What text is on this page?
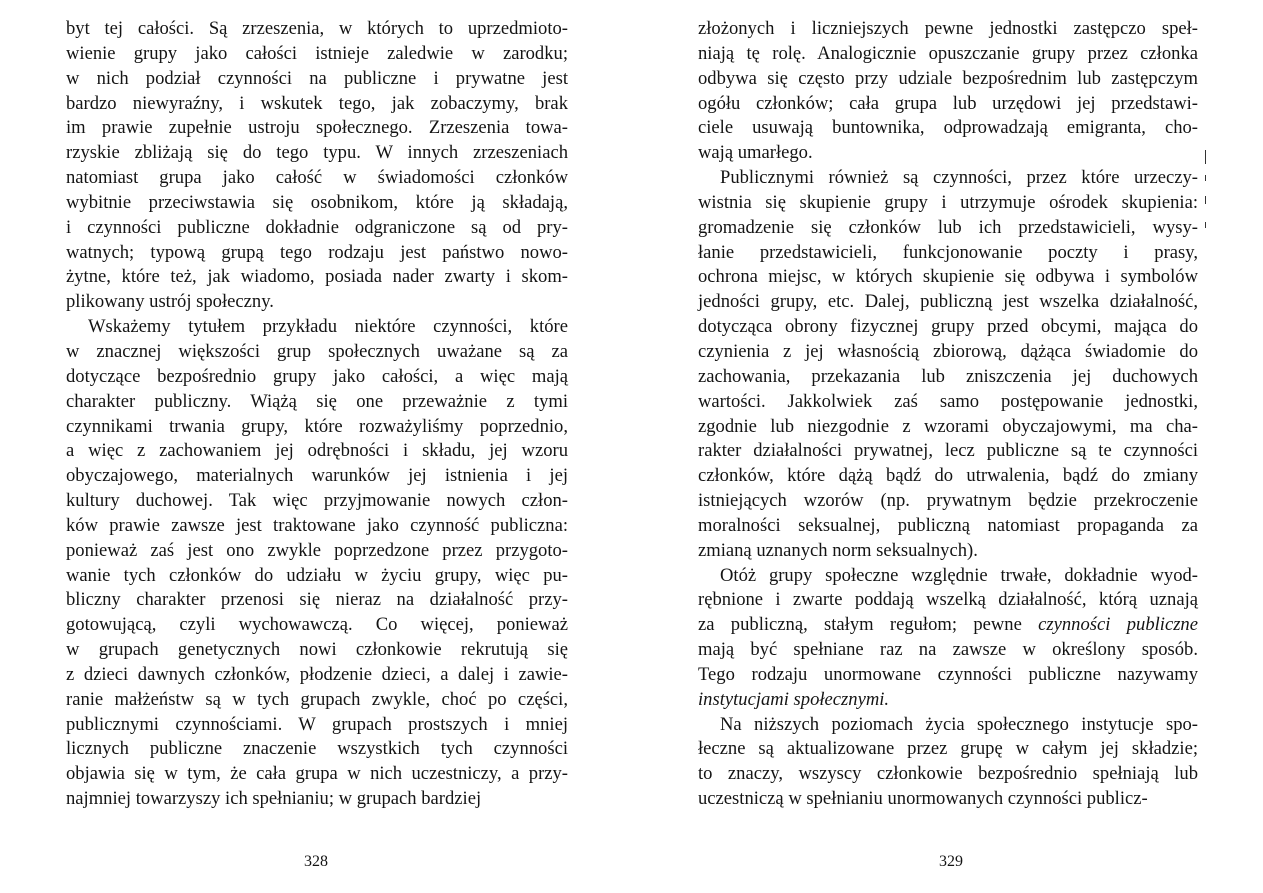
byt tej całości. Są zrzeszenia, w których to uprzedmioto-
wienie grupy jako całości istnieje zaledwie w zarodku;
w nich podział czynności na publiczne i prywatne jest
bardzo niewyraźny, i wskutek tego, jak zobaczymy, brak
im prawie zupełnie ustroju społecznego. Zrzeszenia towa-
rzyskie zbliżają się do tego typu. W innych zrzeszeniach
natomiast grupa jako całość w świadomości członków
wybitnie przeciwstawia się osobnikom, które ją składają,
i czynności publiczne dokładnie odgraniczone są od pry-
watnych; typową grupą tego rodzaju jest państwo nowo-
żytne, które też, jak wiadomo, posiada nader zwarty i skom-
plikowany ustrój społeczny.
Wskażemy tytułem przykładu niektóre czynności, które
w znacznej większości grup społecznych uważane są za
dotyczące bezpośrednio grupy jako całości, a więc mają
charakter publiczny. Wiążą się one przeważnie z tymi
czynnikami trwania grupy, które rozważyliśmy poprzednio,
a więc z zachowaniem jej odrębności i składu, jej wzoru
obyczajowego, materialnych warunków jej istnienia i jej
kultury duchowej. Tak więc przyjmowanie nowych człon-
ków prawie zawsze jest traktowane jako czynność publiczna:
ponieważ zaś jest ono zwykle poprzedzone przez przygoto-
wanie tych członków do udziału w życiu grupy, więc pu-
bliczny charakter przenosi się nieraz na działalność przy-
gotowującą, czyli wychowawczą. Co więcej, ponieważ
w grupach genetycznych nowi członkowie rekrutują się
z dzieci dawnych członków, płodzenie dzieci, a dalej i zawie-
ranie małżeństw są w tych grupach zwykle, choć po części,
publicznymi czynnościami. W grupach prostszych i mniej
licznych publiczne znaczenie wszystkich tych czynności
objawia się w tym, że cała grupa w nich uczestniczy, a przy-
najmniej towarzyszy ich spełnianiu; w grupach bardziej
328
złożonych i liczniejszych pewne jednostki zastępczo speł-
niają tę rolę. Analogicznie opuszczanie grupy przez członka
odbywa się często przy udziale bezpośrednim lub zastępczym
ogółu członków; cała grupa lub urzędowi jej przedstawi-
ciele usuwają buntownika, odprowadzają emigranta, cho-
wają umarłego.
Publicznymi również są czynności, przez które urzeczy-
wistnia się skupienie grupy i utrzymuje ośrodek skupienia:
gromadzenie się członków lub ich przedstawicieli, wysy-
łanie przedstawicieli, funkcjonowanie poczty i prasy,
ochrona miejsc, w których skupienie się odbywa i symbolów
jedności grupy, etc. Dalej, publiczną jest wszelka działalność,
dotycząca obrony fizycznej grupy przed obcymi, mająca do
czynienia z jej własnością zbiorową, dążąca świadomie do
zachowania, przekazania lub zniszczenia jej duchowych
wartości. Jakkolwiek zaś samo postępowanie jednostki,
zgodnie lub niezgodnie z wzorami obyczajowymi, ma cha-
rakter działalności prywatnej, lecz publiczne są te czynności
członków, które dążą bądź do utrwalenia, bądź do zmiany
istniejących wzorów (np. prywatnym będzie przekroczenie
moralności seksualnej, publiczną natomiast propaganda za
zmianą uznanych norm seksualnych).
Otóż grupy społeczne względnie trwałe, dokładnie wyod-
rębnione i zwarte poddają wszelką działalność, którą uznają
za publiczną, stałym regułom; pewne czynności publiczne
mają być spełniane raz na zawsze w określony sposób.
Tego rodzaju unormowane czynności publiczne nazywamy
instytucjami społecznymi.
Na niższych poziomach życia społecznego instytucje spo-
łeczne są aktualizowane przez grupę w całym jej składzie;
to znaczy, wszyscy członkowie bezpośrednio spełniają lub
uczestniczą w spełnianiu unormowanych czynności publicz-
329
